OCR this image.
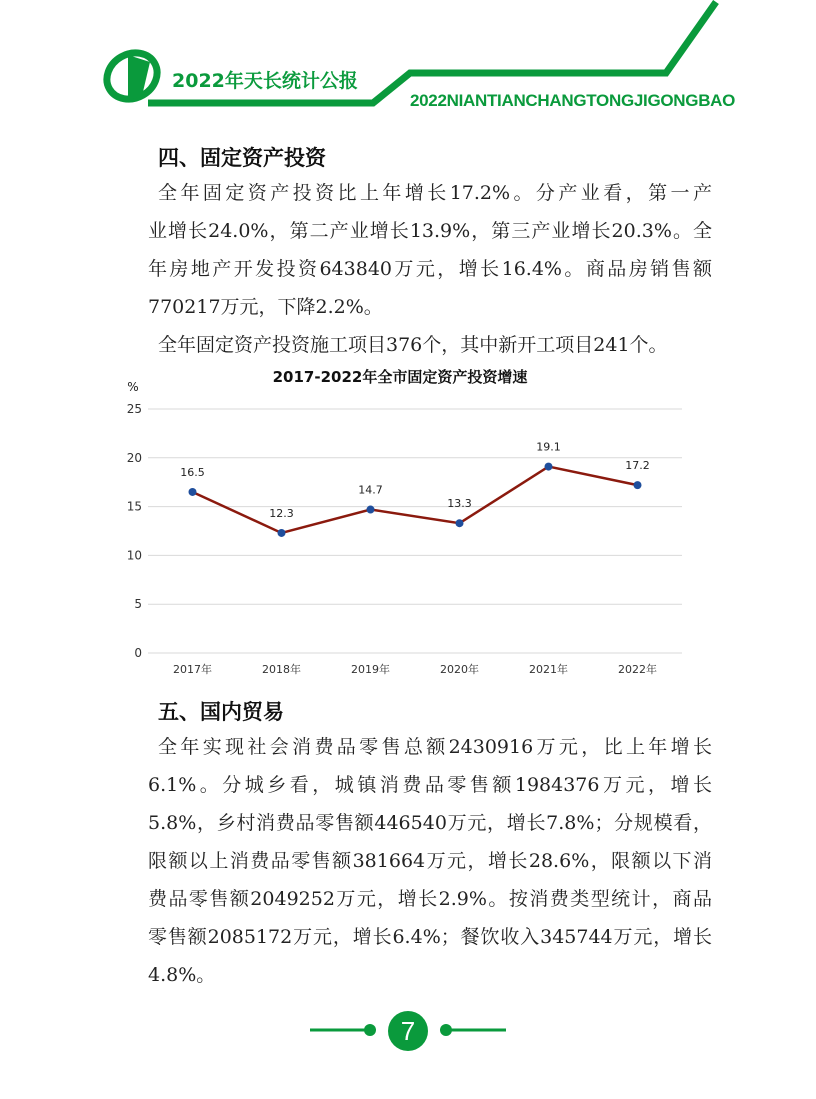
2022年天长统计公报
2022NIANTIANCHANGTONGJIGONGBAO
四、固定资产投资
全年固定资产投资比上年增长17.2%。分产业看，第一产
业增长24.0%，第二产业增长13.9%，第三产业增长20.3%。全
年房地产开发投资643840万元，增长16.4%。商品房销售额
770217万元，下降2.2%。
全年固定资产投资施工项目376个，其中新开工项目241个。
2017-2022年全市固定资产投资增速
%
0
5
10
15
20
25
2017年	2018年	2019年	2020年	2021年	2022年
16.5
12.3
14.7
13.3
19.1
17.2
五、国内贸易
全年实现社会消费品零售总额2430916万元，比上年增长
6.1%。分城乡看，城镇消费品零售额1984376万元，增长
5.8%，乡村消费品零售额446540万元，增长7.8%；分规模看，
限额以上消费品零售额381664万元，增长28.6%，限额以下消
费品零售额2049252万元，增长2.9%。按消费类型统计，商品
零售额2085172万元，增长6.4%；餐饮收入345744万元，增长
4.8%。
7
